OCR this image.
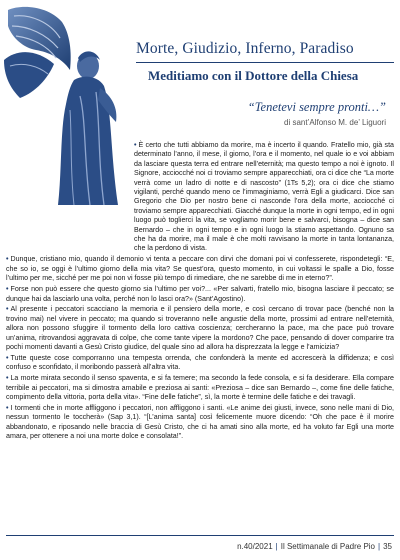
Morte, Giudizio, Inferno, Paradiso
Meditiamo con il Dottore della Chiesa
“Tenetevi sempre pronti…”
di sant’Alfonso M. de’ Liguori

• È certo che tutti abbiamo da morire, ma è incerto il quando. Fratello mio, già sta determinato l’anno, il mese, il giorno, l’ora e il momento, nel quale io e voi abbiam da lasciare questa terra ed entrare nell’eternità; ma questo tempo a noi è ignoto. Il Signore, acciocché noi ci troviamo sempre apparecchiati, ora ci dice che “La morte verrà come un ladro di notte e di nascosto” (1Ts 5,2); ora ci dice che stiamo vigilanti, perché quando meno ce l’immaginiamo, verrà Egli a giudicarci. Dice san Gregorio che Dio per nostro bene ci nasconde l’ora della morte, acciocché ci troviamo sempre apparecchiati. Giacché dunque la morte in ogni tempo, ed in ogni luogo può toglierci la vita, se vogliamo morir bene e salvarci, bisogna – dice san Bernardo – che in ogni tempo e in ogni luogo la stiamo aspettando. Ognuno sa che ha da morire, ma il male è che molti ravvisano la morte in tanta lontananza, che la perdono di vista.

• Dunque, cristiano mio, quando il demonio vi tenta a peccare con dirvi che domani poi vi confesserete, rispondetegli: “E, che so io, se oggi è l’ultimo giorno della mia vita? Se quest’ora, questo momento, in cui voltassi le spalle a Dio, fosse l’ultimo per me, sicché per me poi non vi fosse più tempo di rimediare, che ne sarebbe di me in eterno?”.

• Forse non può essere che questo giorno sia l’ultimo per voi?... «Per salvarti, fratello mio, bisogna lasciare il peccato; se dunque hai da lasciarlo una volta, perché non lo lasci ora?» (Sant’Agostino).

• Al presente i peccatori scacciano la memoria e il pensiero della morte, e così cercano di trovar pace (benché non la trovino mai) nel vivere in peccato; ma quando si troveranno nelle angustie della morte, prossimi ad entrare nell’eternità, allora non possono sfuggire il tormento della loro cattiva coscienza; cercheranno la pace, ma che pace può trovare un’anima, ritrovandosi aggravata di colpe, che come tante vipere la mordono? Che pace, pensando di dover comparire tra pochi momenti davanti a Gesù Cristo giudice, del quale sino ad allora ha disprezzata la legge e l’amicizia?

• Tutte queste cose comporranno una tempesta orrenda, che confonderà la mente ed accrescerà la diffidenza; e così confuso e sconfidato, il moribondo passerà all’altra vita.

• La morte mirata secondo il senso spaventa, e si fa temere; ma secondo la fede consola, e si fa desiderare. Ella compare terribile ai peccatori, ma si dimostra amabile e preziosa ai santi: «Preziosa – dice san Bernardo –, come fine delle fatiche, compimento della vittoria, porta della vita». “Fine delle fatiche”, sì, la morte è termine delle fatiche e dei travagli.

• I tormenti che in morte affliggono i peccatori, non affliggono i santi. «Le anime dei giusti, invece, sono nelle mani di Dio, nessun tormento le toccherà» (Sap 3,1). “[L’anima santa] così felicemente muore dicendo: “Oh che pace è il morire abbandonato, e riposando nelle braccia di Gesù Cristo, che ci ha amati sino alla morte, ed ha voluto far Egli una morte amara, per ottenere a noi una morte dolce e consolata!”.

n.40/2021 | Il Settimanale di Padre Pio | 35
